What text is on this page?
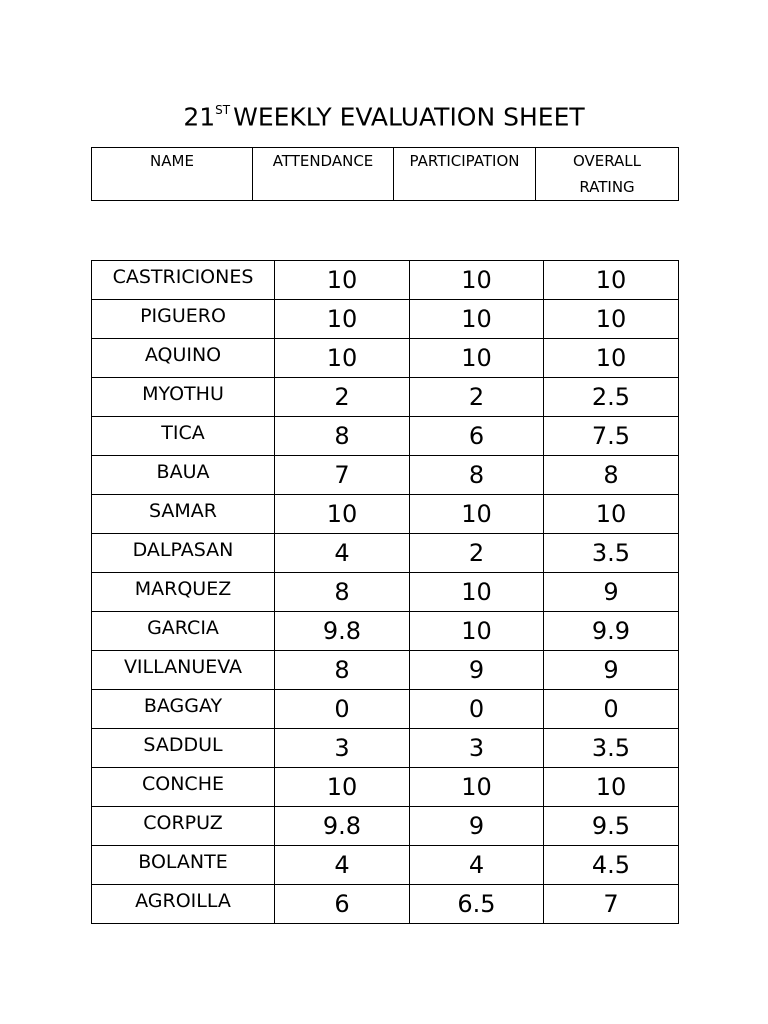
21ST WEEKLY EVALUATION SHEET
NAME	ATTENDANCE	PARTICIPATION	OVERALL
RATING
CASTRICIONES	10	10	10
PIGUERO	10	10	10
AQUINO	10	10	10
MYOTHU	2	2	2.5
TICA	8	6	7.5
BAUA	7	8	8
SAMAR	10	10	10
DALPASAN	4	2	3.5
MARQUEZ	8	10	9
GARCIA	9.8	10	9.9
VILLANUEVA	8	9	9
BAGGAY	0	0	0
SADDUL	3	3	3.5
CONCHE	10	10	10
CORPUZ	9.8	9	9.5
BOLANTE	4	4	4.5
AGROILLA	6	6.5	7
